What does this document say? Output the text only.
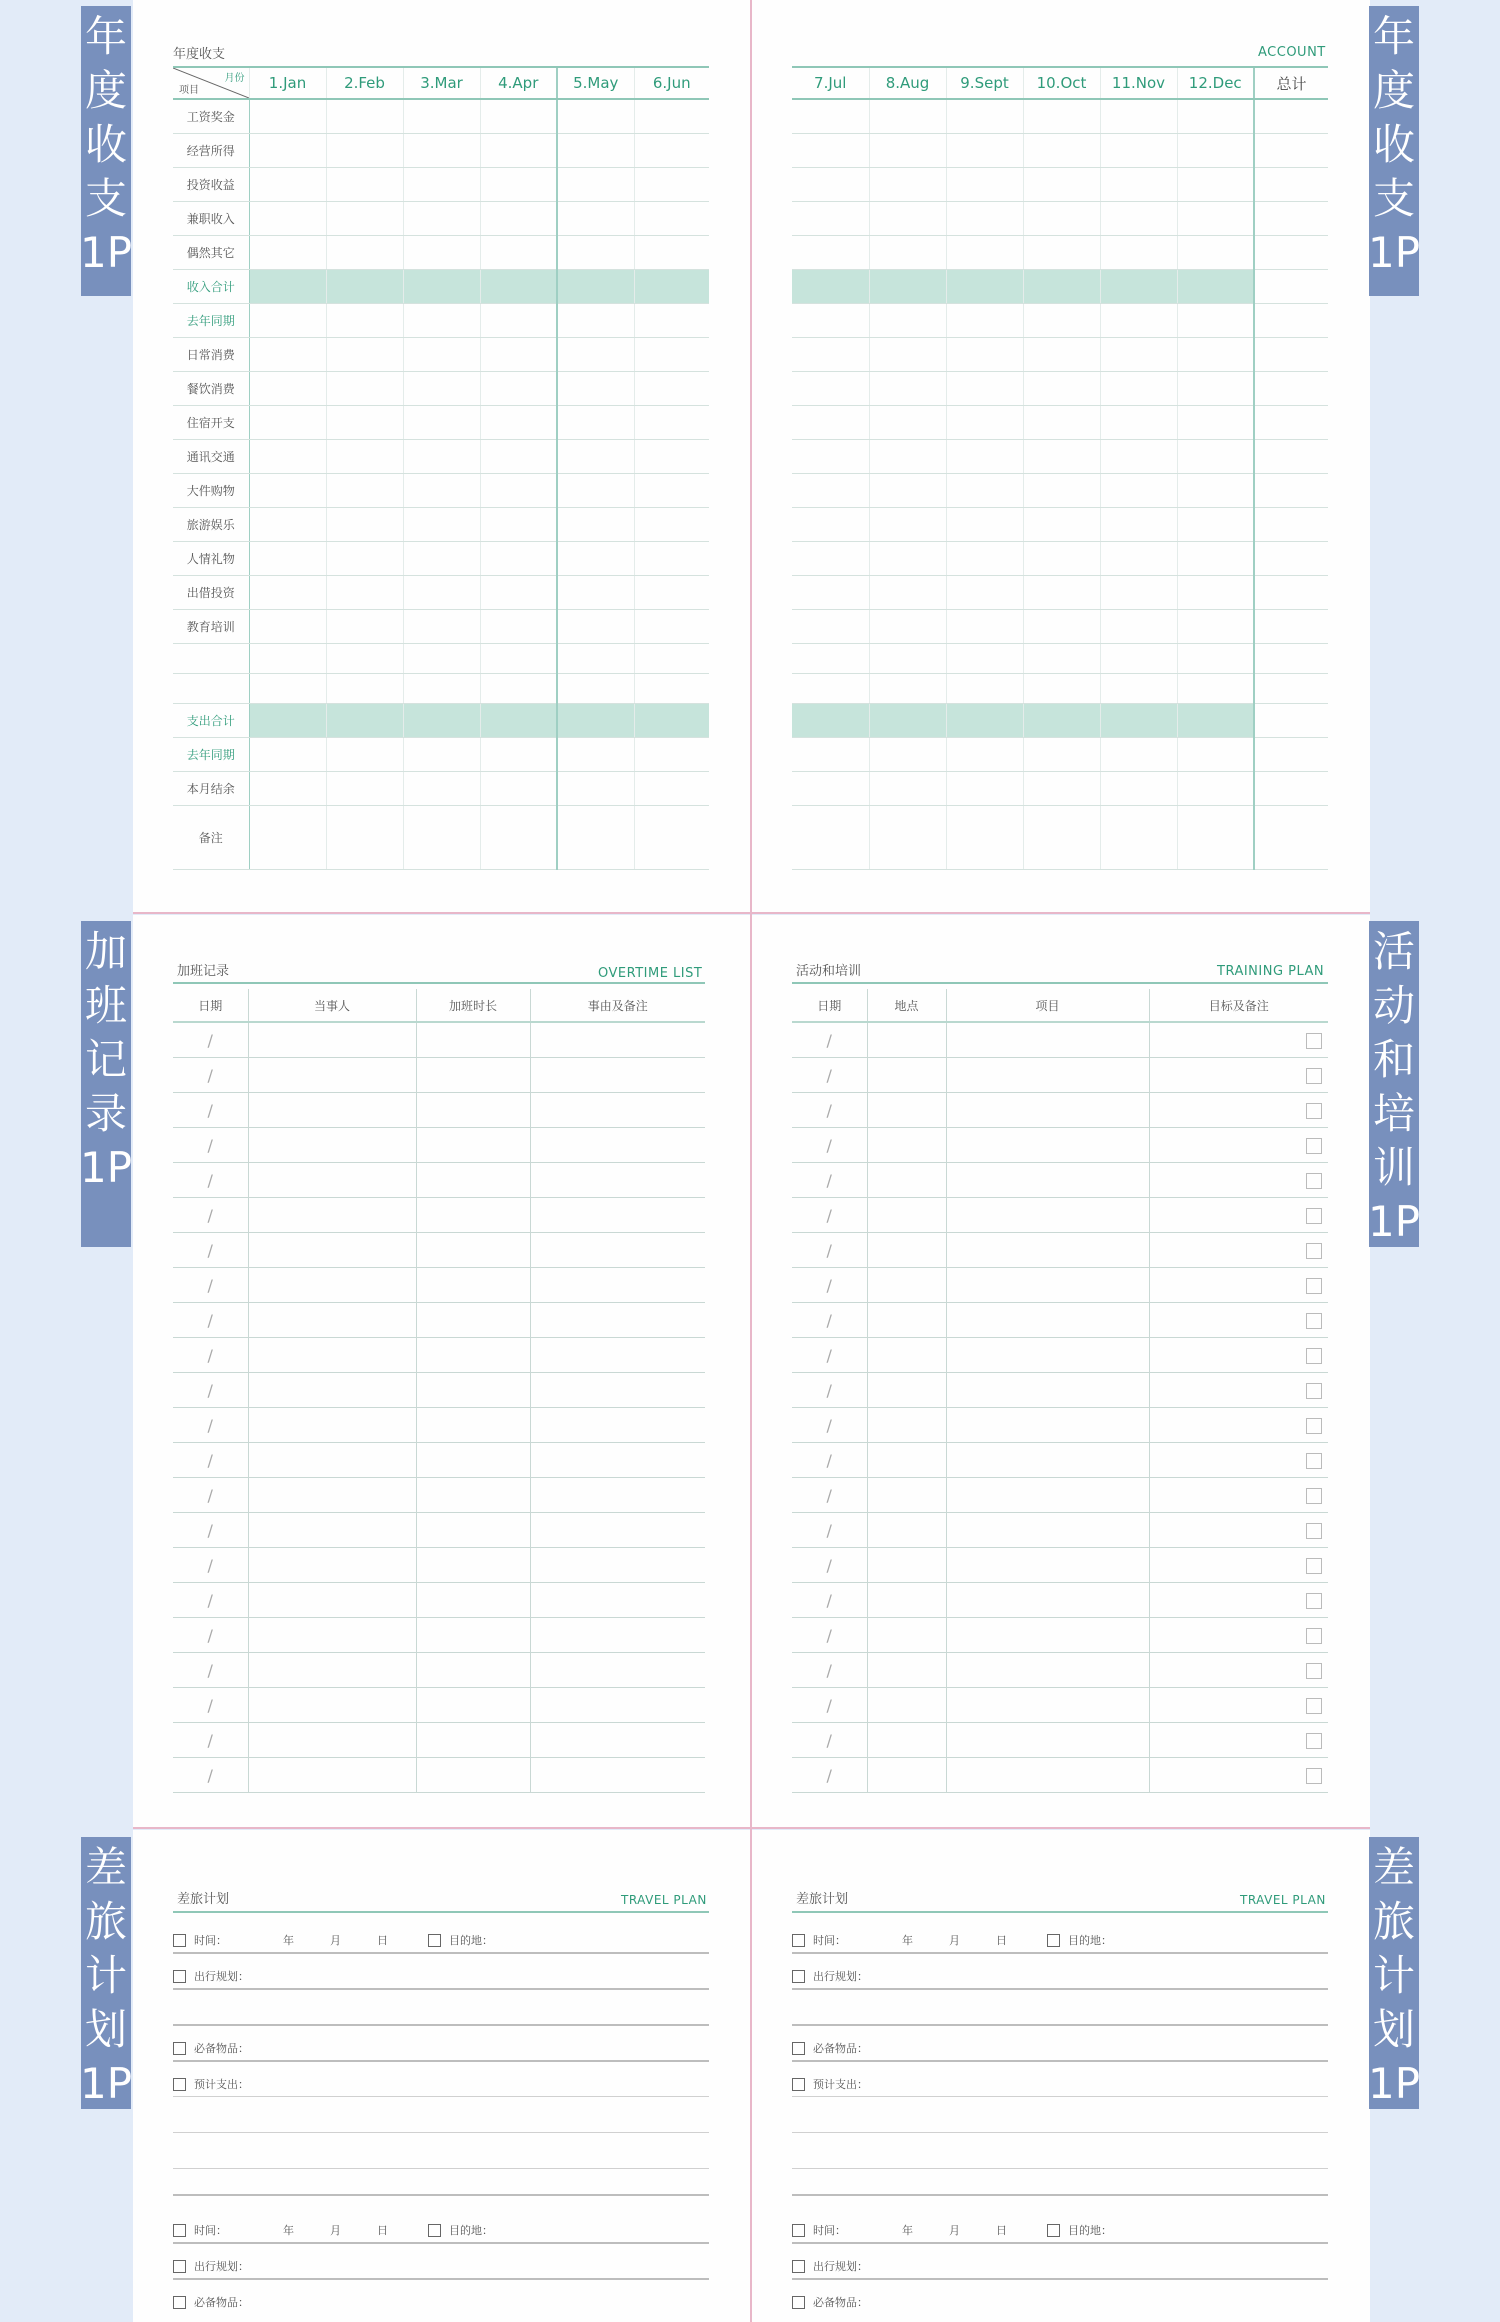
年
度
收
支
1P
年
度
收
支
1P
加
班
记
录
1P
活
动
和
培
训
1P
差
旅
计
划
1P
差
旅
计
划
1P
年度收支
月份
项目	1.Jan	2.Feb	3.Mar	4.Apr	5.May	6.Jun
工资奖金						
经营所得						
投资收益						
兼职收入						
偶然其它						
收入合计						
去年同期						
日常消费						
餐饮消费						
住宿开支						
通讯交通						
大件购物						
旅游娱乐						
人情礼物						
出借投资						
教育培训						

支出合计						
去年同期						
本月结余						
备注						
ACCOUNT
7.Jul	8.Aug	9.Sept	10.Oct	11.Nov	12.Dec	总计

加班记录	OVERTIME LIST
日期	当事人	加班时长	事由及备注
/			
/			
/			
/			
/			
/			
/			
/			
/			
/			
/			
/			
/			
/			
/			
/			
/			
/			
/			
/			
/			
/			
活动和培训	TRAINING PLAN
日期	地点	项目	目标及备注
/			

/			

/			

/			

/			

/			

/			

/			

/			

/			

/			

/			

/			

/			

/			

/			

/			

/			

/			

/			

/			

/			
差旅计划	TRAVEL PLAN
时间：	年	月	日	目的地：
出行规划：
必备物品：
预计支出：
时间：	年	月	日	目的地：
出行规划：
必备物品：
差旅计划	TRAVEL PLAN
时间：	年	月	日	目的地：
出行规划：
必备物品：
预计支出：
时间：	年	月	日	目的地：
出行规划：
必备物品：
